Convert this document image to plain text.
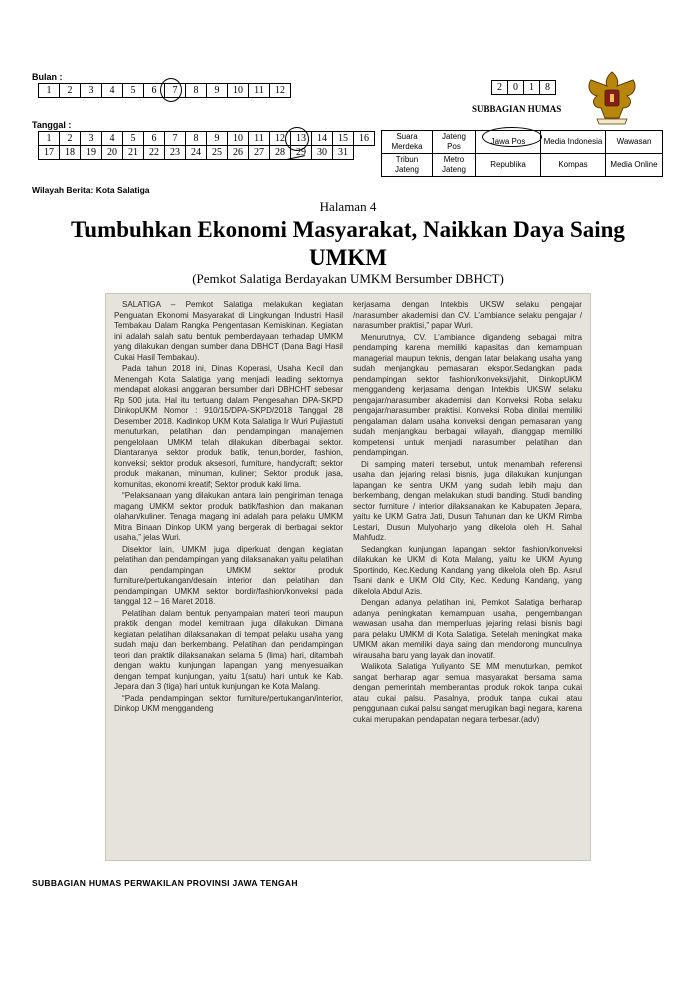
Bulan :
1	2	3	4	5	6	7	8	9	10	11	12
Tanggal :
1	2	3	4	5	6	7	8	9	10	11	12	13	14	15	16
17	18	19	20	21	22	23	24	25	26	27	28	29	30	31	
2	0	1	8
SUBBAGIAN HUMAS
Suara Merdeka	Jateng Pos	Jawa Pos	Media Indonesia	Wawasan
Tribun Jateng	Metro Jateng	Republika	Kompas	Media Online
Wilayah Berita: Kota Salatiga
Halaman 4
Tumbuhkan Ekonomi Masyarakat, Naikkan Daya Saing UMKM
(Pemkot Salatiga Berdayakan UMKM Bersumber DBHCT)

SALATIGA – Pemkot Salatiga melakukan kegiatan Penguatan Ekonomi Masyarakat di Lingkungan Industri Hasil Tembakau Dalam Rangka Pengentasan Kemiskinan. Kegiatan ini adalah salah satu bentuk pemberdayaan terhadap UMKM yang dilakukan dengan sumber dana DBHCT (Dana Bagi Hasil Cukai Hasil Tembakau).

Pada tahun 2018 ini, Dinas Koperasi, Usaha Kecil dan Menengah Kota Salatiga yang menjadi leading sektornya mendapat alokasi anggaran bersumber dari DBHCHT sebesar Rp 500 juta. Hal itu tertuang dalam Pengesahan DPA-SKPD DinkopUKM Nomor : 910/15/DPA-SKPD/2018 Tanggal 28 Desember 2018. Kadinkop UKM Kota Salatiga Ir Wuri Pujiastuti menuturkan, pelatihan dan pendampingan manajemen pengelolaan UMKM telah dilakukan diberbagai sektor. Diantaranya sektor produk batik, tenun,border, fashion, konveksi; sektor produk aksesori, furniture, handycraft; sektor produk makanan, minuman, kuliner; Sektor produk jasa, komunitas, ekonomi kreatif; Sektor produk kaki lima.

“Pelaksanaan yang dilakukan antara lain pengiriman tenaga magang UMKM sektor produk batik/fashion dan makanan olahan/kuliner. Tenaga magang ini adalah para pelaku UMKM Mitra Binaan Dinkop UKM yang bergerak di berbagai sektor usaha,” jelas Wuri.

Disektor lain, UMKM juga diperkuat dengan kegiatan pelatihan dan pendampingan yang dilaksanakan yaitu pelatihan dan pendampingan UMKM sektor produk furniture/pertukangan/desain interior dan pelatihan dan pendampingan UMKM sektor bordir/fashion/konveksi pada tanggal 12 – 16 Maret 2018.

Pelatihan dalam bentuk penyampaian materi teori maupun praktik dengan model kemitraan juga dilakukan Dimana kegiatan pelatihan dilaksanakan di tempat pelaku usaha yang sudah maju dan berkembang. Pelatihan dan pendampingan teori dan praktik dilaksanakan selama 5 (lima) hari, ditambah dengan waktu kunjungan lapangan yang menyesuaikan dengan tempat kunjungan, yaitu 1(satu) hari untuk ke Kab. Jepara dan 3 (tiga) hari untuk kunjungan ke Kota Malang.

“Pada pendampingan sektor furniture/pertukangan/interior, Dinkop UKM menggandeng

kerjasama dengan Intekbis UKSW selaku pengajar /narasumber akademisi dan CV. L’ambiance selaku pengajar / narasumber praktisi,” papar Wuri.

Menurutnya, CV. L’ambiance digandeng sebagai mitra pendamping karena memiliki kapasitas dan kemampuan managerial maupun teknis, dengan latar belakang usaha yang sudah menjangkau pemasaran ekspor.Sedangkan pada pendampingan sektor fashion/konveksi/jahit, DinkopUKM menggandeng kerjasama dengan Intekbis UKSW selaku pengajar/narasumber akademisi dan Konveksi Roba selaku pengajar/narasumber praktisi. Konveksi Roba dinilai memiliki pengalaman dalam usaha konveksi dengan pemasaran yang sudah menjangkau berbagai wilayah, dianggap memiliki kompetensi untuk menjadi narasumber pelatihan dan pendampingan.

Di samping materi tersebut, untuk menambah referensi usaha dan jejaring relasi bisnis, juga dilakukan kunjungan lapangan ke sentra UKM yang sudah lebih maju dan berkembang, dengan melakukan studi banding. Studi banding sector furniture / interior dilaksanakan ke Kabupaten Jepara, yaitu ke UKM Gatra Jati, Dusun Tahunan dan ke UKM Rimba Lestari, Dusun Mulyoharjo yang dikelola oleh H. Sahal Mahfudz.

Sedangkan kunjungan lapangan sektor fashion/konveksi dilakukan ke UKM di Kota Malang, yaitu ke UKM Ayung Sportindo, Kec.Kedung Kandang yang dikelola oleh Bp. Asrul Tsani dank e UKM Old City, Kec. Kedung Kandang, yang dikelola Abdul Azis.

Dengan adanya pelatihan ini, Pemkot Salatiga berharap adanya peningkatan kemampuan usaha, pengembangan wawasan usaha dan memperluas jejaring relasi bisnis bagi para pelaku UMKM di Kota Salatiga. Setelah meningkat maka UMKM akan memiliki daya saing dan mendorong munculnya wirausaha baru yang layak dan inovatif.

Walikota Salatiga Yuliyanto SE MM menuturkan, pemkot sangat berharap agar semua masyarakat bersama sama dengan pemerintah memberantas produk rokok tanpa cukai atau cukai palsu. Pasalnya, produk tanpa cukai atau penggunaan cukai palsu sangat merugikan bagi negara, karena cukai merupakan pendapatan negara terbesar.(adv)

SUBBAGIAN HUMAS PERWAKILAN PROVINSI JAWA TENGAH
